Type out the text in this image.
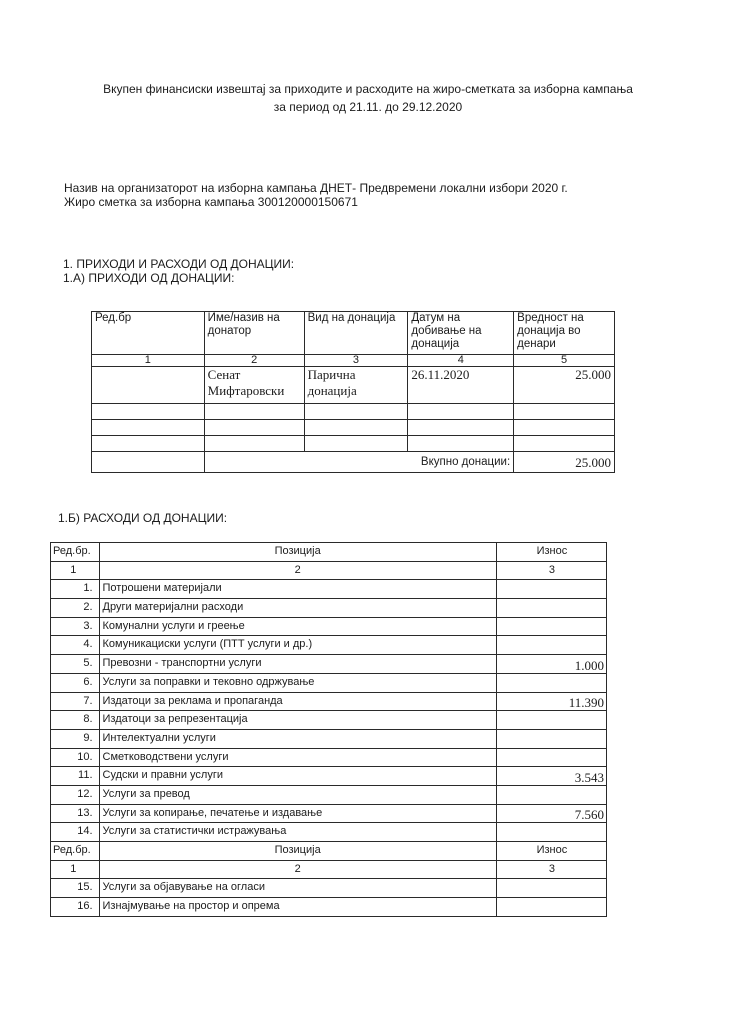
Вкупен финансиски извештај за приходите и расходите на жиро-сметката за изборна кампања
за период од 21.11. до 29.12.2020
Назив на организаторот на изборна кампања ДНЕТ- Предвремени локални избори 2020 г.
Жиро сметка за изборна кампања 300120000150671
1. ПРИХОДИ И РАСХОДИ ОД ДОНАЦИИ:
1.А) ПРИХОДИ ОД ДОНАЦИИ:
Ред.бр	Име/назив на донатор	Вид на донација	Датум на добивање на донација	Вредност на донација во денари
1	2	3	4	5
	Сенат Мифтаровски	Парична донација	26.11.2020	25.000

	Вкупно донации:			25.000
1.Б) РАСХОДИ ОД ДОНАЦИИ:
Ред.бр.	Позиција	Износ
1	2	3
1.	Потрошени материјали	
2.	Други материјални расходи	
3.	Комунални услуги и греење	
4.	Комуникациски услуги (ПТТ услуги и др.)	
5.	Превозни - транспортни услуги	1.000
6.	Услуги за поправки и тековно одржување	
7.	Издатоци за реклама и пропаганда	11.390
8.	Издатоци за репрезентација	
9.	Интелектуални услуги	
10.	Сметководствени услуги	
11.	Судски и правни услуги	3.543
12.	Услуги за превод	
13.	Услуги за копирање, печатење и издавање	7.560
14.	Услуги за статистички истражувања	
Ред.бр.	Позиција	Износ
1	2	3
15.	Услуги за објавување на огласи	
16.	Изнајмување на простор и опрема	
